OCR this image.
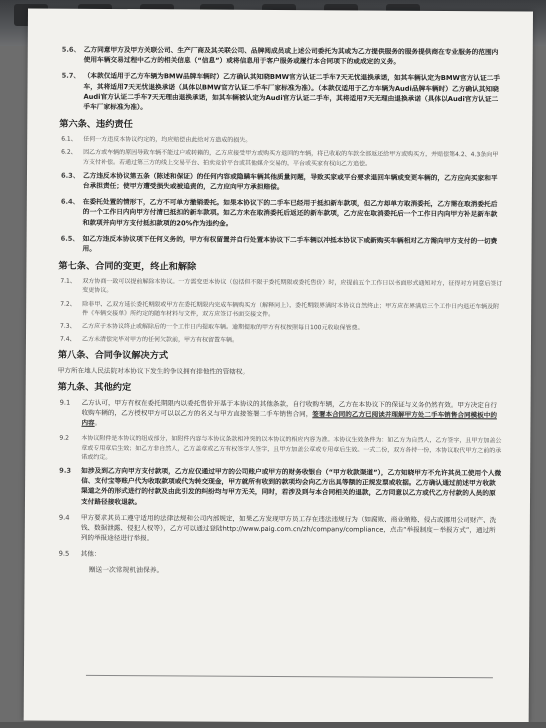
5.6、 乙方同意甲方及甲方关联公司、生产厂商及其关联公司、品牌阅成员或上述公司委托为其或为乙方提供服务的服务提供商在专业服务的范围内使用车辆交易过程中乙方的相关信息（“信息”）或将信息用于客户服务或履行本合同项下的或成定的义务。
5.7、 （本款仅适用于乙方车辆为BMW品牌车辆时）乙方确认其知晓BMW官方认证二手车7天无忧退换承诺，如其车辆认定为BMW官方认证二手车，其将适用7天无忧退换承诺（具体以BMW官方认证二手车厂家标准为准）。（本款仅适用于乙方车辆为Audi品牌车辆时）乙方确认其知晓Audi官方认证二手车7天无理由退换承诺，如其车辆被认定为Audi官方认证二手车，其将适用7天无理由退换承诺（具体以Audi官方认证二手车厂家标准为准）。
第六条、违约责任
6.1、 任何一方违反本协议约定的，均应赔偿由此给对方造成的损失。
6.2、 因乙方或车辆的原因导致车辆不能过户或转籍的，乙方应接受甲方或购买方退回的车辆，将已收取的车款全部返还给甲方或购买方，并赔偿第4.2、4.3条向甲方支付补偿。若通过第三方的线上交易平台、拍卖竞价平台或其他媒介交易的，平台或买家有权向乙方追偿。
6.3、 乙方违反本协议第五条（陈述和保证）的任何内容或隐瞒车辆其他质量问题，导致买家或平台要求退回车辆或变更车辆的，乙方应向买家和平台承担责任；使甲方遭受损失或被追责的，乙方应向甲方承担赔偿。
6.4、 在委托处置的情形下，乙方不可单方撤销委托。如果本协议下的二手车已经用于抵扣新车款项，但乙方却单方取消委托，乙方需在取消委托后的一个工作日内向甲方付清已抵扣的新车款项。如乙方未在取消委托后返还的新车款项，乙方应在取消委托后一个工作日内向甲方补足新车款和款项并向甲方支付抵扣款项的20%作为违约金。
6.5、 如乙方违反本协议项下任何义务的，甲方有权留置并自行处置本协议下二手车辆以冲抵本协议下或新购买车辆相对乙方需向甲方支付的一切费用。
第七条、合同的变更，终止和解除
7.1、 双方协商一致可以提前解除本协议。一方需变更本协议（包括但不限于委托期限或委托售价）时，应提前五个工作日以书面形式通知对方，征得对方同意后签订变更协议。
7.2、 除非甲、乙双方延长委托期限或甲方在委托期限内完成车辆购买方（解释同上），委托期限界满时本协议自然终止；甲方应在界满后三个工作日内退还车辆及附件《车辆交接单》所约定的随车材料与文件，双方应签订书面交接文件。
7.3、 乙方应于本协议终止或解除后的一个工作日内提取车辆。逾期提取的甲方有权按照每日100元收取保管费。
7.4、 乙方未清偿完毕对甲方的任何欠款前，甲方有权留置车辆。
第八条、合同争议解决方式
甲方所在地人民法院对本协议下发生的争议拥有排他性的管辖权。
第九条、其他约定
9.1 乙方认可，甲方有权在委托期限内以委托售价开基于本协议的其他条款，自行收购车辆，乙方在本协议下的保证与义务仍然有效。甲方决定自行收购车辆的，乙方授权甲方可以以乙方的名义与甲方直接签署二手车销售合同，签署本合同的乙方已阅读并理解甲方处二手车销售合同模板中的内容。
9.2 本协议附件是本协议的组成部分，如附件内容与本协议条款相冲突的以本协议的相应内容为准。本协议生效条件为：如乙方为自然人，乙方签字，且甲方加盖公章或专用章后生效；如乙方非自然人，乙方盖章或乙方有权签字人签字，且甲方加盖公章或专用章后生效。一式二份，双方各持一份，本协议取代甲方之前的承诺或约定。
9.3 如涉及到乙方向甲方支付款项，乙方应仅通过甲方的公司账户或甲方的财务收银台（“甲方收款渠道”），乙方知晓甲方不允许其员工使用个人微信、支付宝等账户代为收取款项或代为转交现金，甲方就所有收到的款项均会向乙方出具等额的正规发票或收据。乙方确认通过前述甲方收款渠道之外的形式进行的付款及由此引发的纠纷均与甲方无关，同时，若涉及到与本合同相关的退款，乙方同意以乙方或代乙方付款的人员的原支付路径接收退款。
9.4 甲方要求其员工遵守适用的法律法规和公司内部规定，如果乙方发现甲方员工存在违法违规行为（如腐败、商业贿赂、侵占或挪用公司财产、洗钱、数据泄露、侵犯人权等），乙方可以通过登陆http://www.paig.com.cn/zh/company/compliance，点击“举报制度－举报方式”，通过所列的举报途径进行举报。
9.5 其他：
赠送一次常规机油保养。
